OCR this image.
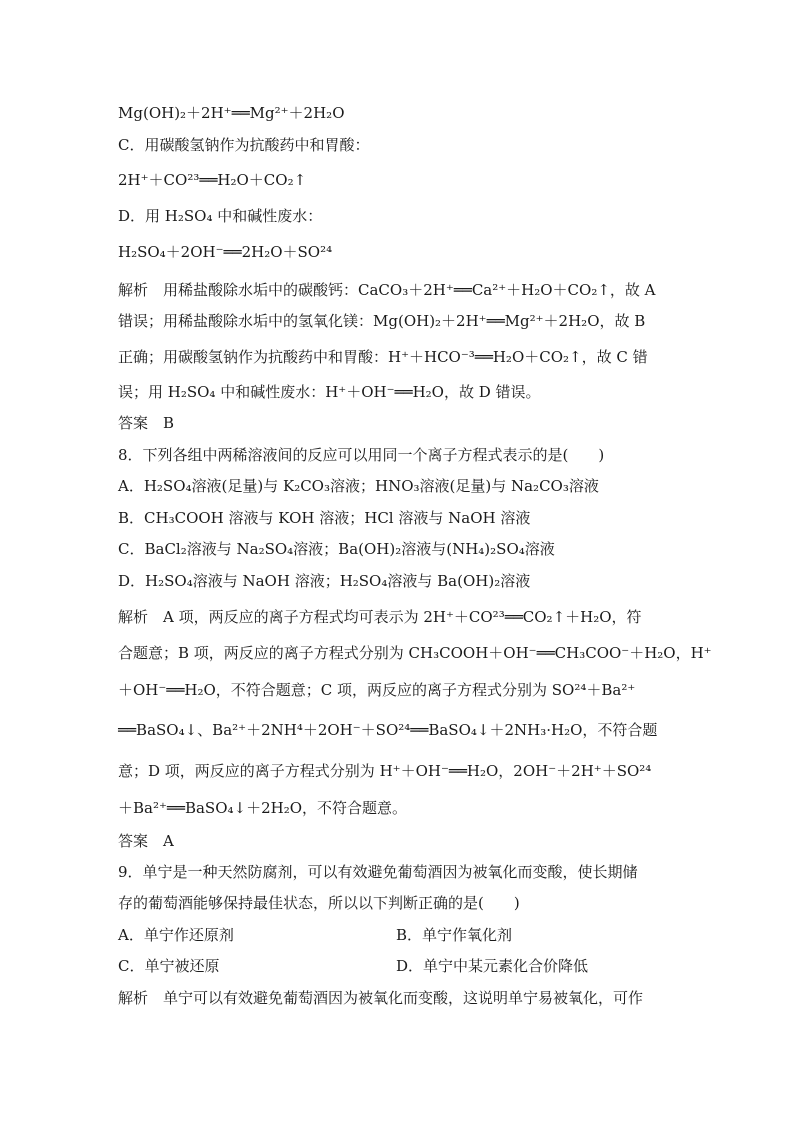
Mg(OH)₂＋2H⁺══Mg²⁺＋2H₂O
C．用碳酸氢钠作为抗酸药中和胃酸：
2H⁺＋CO²³══H₂O＋CO₂↑
D．用 H₂SO₄ 中和碱性废水：
H₂SO₄＋2OH⁻══2H₂O＋SO²⁴
解析　用稀盐酸除水垢中的碳酸钙：CaCO₃＋2H⁺══Ca²⁺＋H₂O＋CO₂↑，故 A
错误；用稀盐酸除水垢中的氢氧化镁：Mg(OH)₂＋2H⁺══Mg²⁺＋2H₂O，故 B
正确；用碳酸氢钠作为抗酸药中和胃酸：H⁺＋HCO⁻³══H₂O＋CO₂↑，故 C 错
误；用 H₂SO₄ 中和碱性废水：H⁺＋OH⁻══H₂O，故 D 错误。
答案　B
8．下列各组中两稀溶液间的反应可以用同一个离子方程式表示的是(　　)
A．H₂SO₄溶液(足量)与 K₂CO₃溶液；HNO₃溶液(足量)与 Na₂CO₃溶液
B．CH₃COOH 溶液与 KOH 溶液；HCl 溶液与 NaOH 溶液
C．BaCl₂溶液与 Na₂SO₄溶液；Ba(OH)₂溶液与(NH₄)₂SO₄溶液
D．H₂SO₄溶液与 NaOH 溶液；H₂SO₄溶液与 Ba(OH)₂溶液
解析　A 项，两反应的离子方程式均可表示为 2H⁺＋CO²³══CO₂↑＋H₂O，符
合题意；B 项，两反应的离子方程式分别为 CH₃COOH＋OH⁻══CH₃COO⁻＋H₂O，H⁺
＋OH⁻══H₂O，不符合题意；C 项，两反应的离子方程式分别为 SO²⁴＋Ba²⁺
══BaSO₄↓、Ba²⁺＋2NH⁴＋2OH⁻＋SO²⁴══BaSO₄↓＋2NH₃·H₂O，不符合题
意；D 项，两反应的离子方程式分别为 H⁺＋OH⁻══H₂O，2OH⁻＋2H⁺＋SO²⁴
＋Ba²⁺══BaSO₄↓＋2H₂O，不符合题意。
答案　A
9．单宁是一种天然防腐剂，可以有效避免葡萄酒因为被氧化而变酸，使长期储
存的葡萄酒能够保持最佳状态，所以以下判断正确的是(　　)
A．单宁作还原剂	B．单宁作氧化剂
C．单宁被还原	D．单宁中某元素化合价降低
解析　单宁可以有效避免葡萄酒因为被氧化而变酸，这说明单宁易被氧化，可作
